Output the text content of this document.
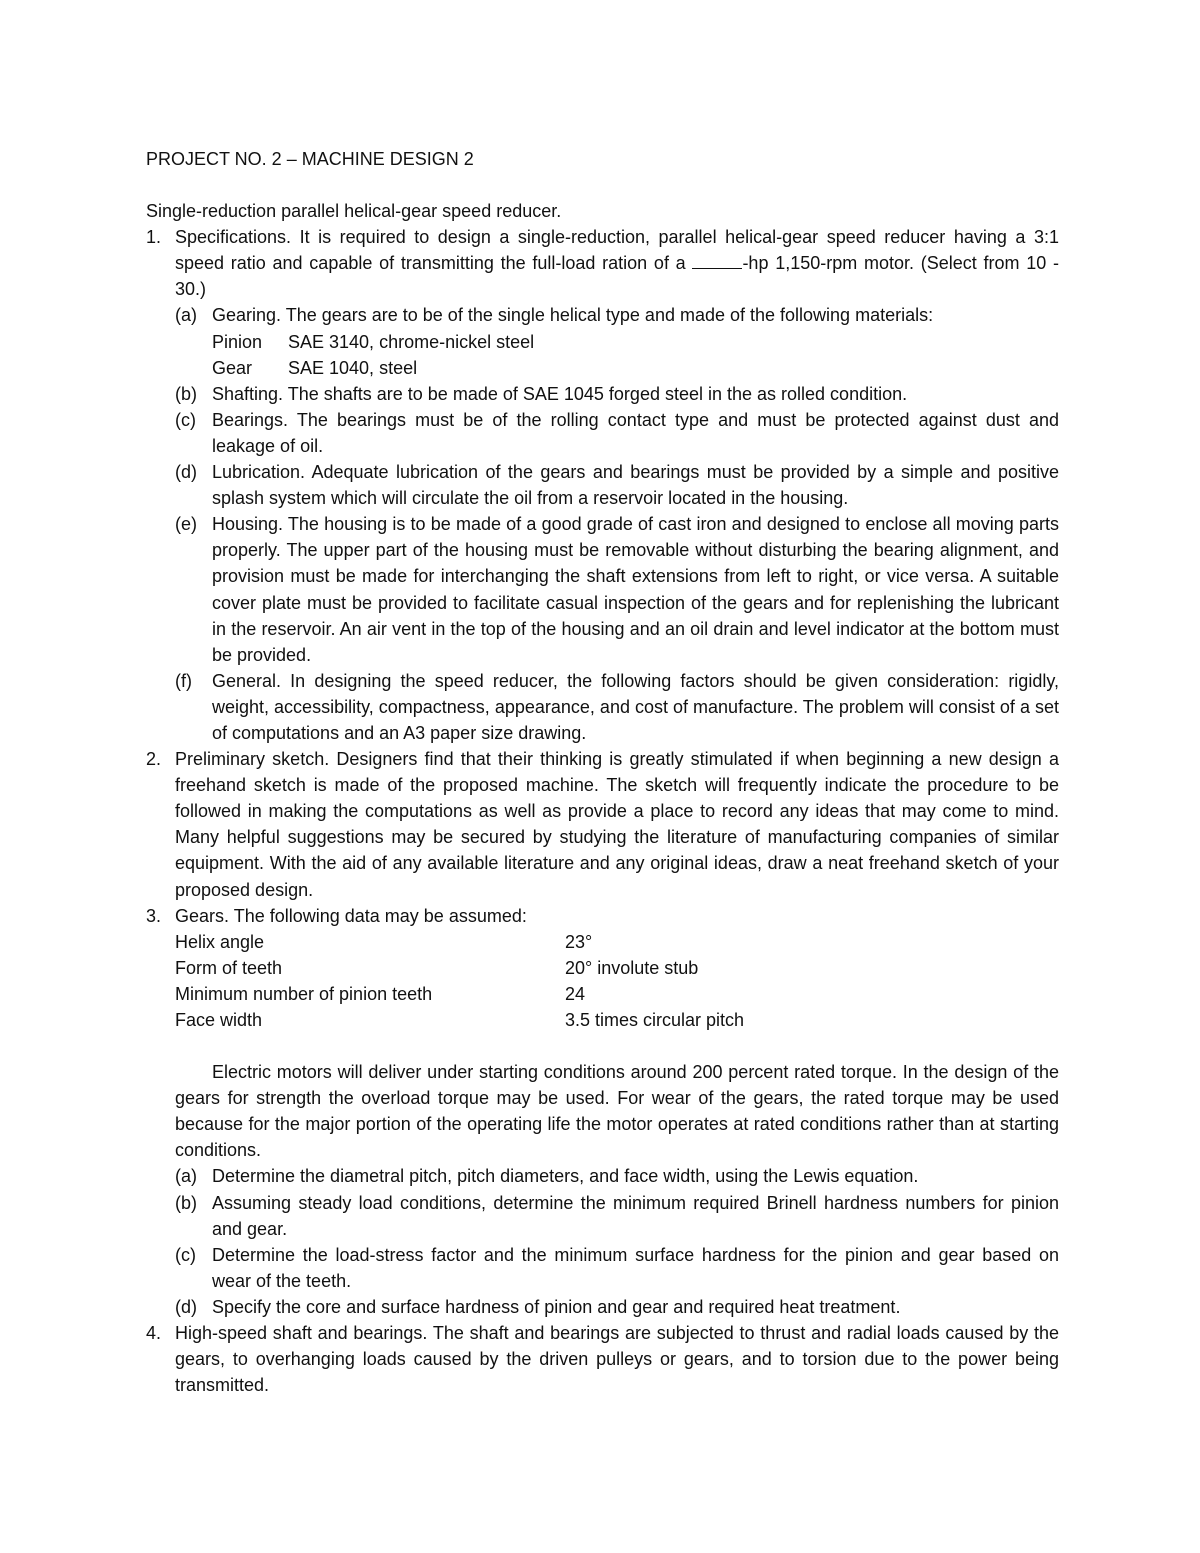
PROJECT NO. 2 – MACHINE DESIGN 2

Single-reduction parallel helical-gear speed reducer.

1. Specifications. It is required to design a single-reduction, parallel helical-gear speed reducer having a 3:1 speed ratio and capable of transmitting the full-load ration of a	-hp 1,150-rpm motor. (Select from 10 - 30.)

(a) Gearing. The gears are to be of the single helical type and made of the following materials:

Pinion SAE 3140, chrome-nickel steel
Gear SAE 1040, steel
(b) Shafting. The shafts are to be made of SAE 1045 forged steel in the as rolled condition.

(c) Bearings. The bearings must be of the rolling contact type and must be protected against dust and leakage of oil.

(d) Lubrication. Adequate lubrication of the gears and bearings must be provided by a simple and positive splash system which will circulate the oil from a reservoir located in the housing.

(e) Housing. The housing is to be made of a good grade of cast iron and designed to enclose all moving parts properly. The upper part of the housing must be removable without disturbing the bearing alignment, and provision must be made for interchanging the shaft extensions from left to right, or vice versa. A suitable cover plate must be provided to facilitate casual inspection of the gears and for replenishing the lubricant in the reservoir. An air vent in the top of the housing and an oil drain and level indicator at the bottom must be provided.

(f) General. In designing the speed reducer, the following factors should be given consideration: rigidly, weight, accessibility, compactness, appearance, and cost of manufacture. The problem will consist of a set of computations and an A3 paper size drawing.

2. Preliminary sketch. Designers find that their thinking is greatly stimulated if when beginning a new design a freehand sketch is made of the proposed machine. The sketch will frequently indicate the procedure to be followed in making the computations as well as provide a place to record any ideas that may come to mind. Many helpful suggestions may be secured by studying the literature of manufacturing companies of similar equipment. With the aid of any available literature and any original ideas, draw a neat freehand sketch of your proposed design.

3. Gears. The following data may be assumed:

Helix angle	23°
Form of teeth	20° involute stub
Minimum number of pinion teeth	24
Face width	3.5 times circular pitch

Electric motors will deliver under starting conditions around 200 percent rated torque. In the design of the gears for strength the overload torque may be used. For wear of the gears, the rated torque may be used because for the major portion of the operating life the motor operates at rated conditions rather than at starting conditions.

(a) Determine the diametral pitch, pitch diameters, and face width, using the Lewis equation.

(b) Assuming steady load conditions, determine the minimum required Brinell hardness numbers for pinion and gear.

(c) Determine the load-stress factor and the minimum surface hardness for the pinion and gear based on wear of the teeth.

(d) Specify the core and surface hardness of pinion and gear and required heat treatment.

4. High-speed shaft and bearings. The shaft and bearings are subjected to thrust and radial loads caused by the gears, to overhanging loads caused by the driven pulleys or gears, and to torsion due to the power being transmitted.
